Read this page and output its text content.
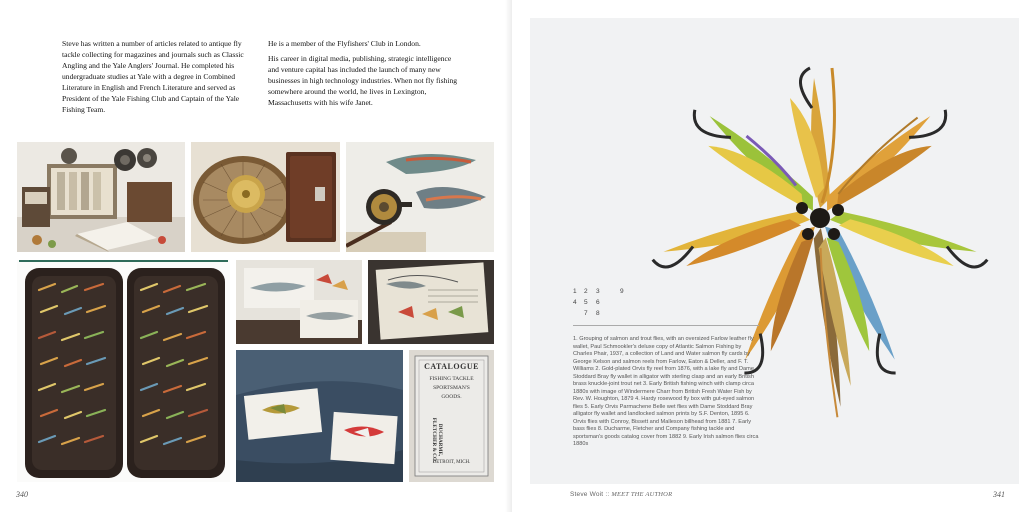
Steve has written a number of articles related to antique fly tackle collecting for magazines and journals such as Classic Angling and the Yale Anglers' Journal. He completed his undergraduate studies at Yale with a degree in Combined Literature in English and French Literature and served as President of the Yale Fishing Club and Captain of the Yale Fishing Team.

He is a member of the Flyfishers' Club in London.

His career in digital media, publishing, strategic intelligence and venture capital has included the launch of many new businesses in high technology industries. When not fly fishing somewhere around the world, he lives in Lexington, Massachusetts with his wife Janet.

CATALOGUE
FISHING TACKLE
SPORTSMAN'S
GOODS.
DUCHARME, FLETCHER & CO.
DETROIT, MICH.
340
1	2	3	9
4	5	6
7	8
1. Grouping of salmon and trout flies, with an oversized Farlow leather fly wallet, Paul Schmookler's deluxe copy of Atlantic Salmon Fishing by Charles Phair, 1937, a collection of Land and Water salmon fly cards by George Kelson and salmon reels from Farlow, Eaton & Deller, and F. T. Williams 2. Gold-plated Orvis fly reel from 1876, with a lake fly and Dame Stoddard Bray fly wallet in alligator with sterling clasp and an early British brass knuckle-joint trout net 3. Early British fishing winch with clamp circa 1880s with image of Windermere Charr from British Fresh Water Fish by Rev. W. Houghton, 1879 4. Hardy rosewood fly box with gut-eyed salmon flies 5. Early Orvis Parmachene Belle wet flies with Dame Stoddard Bray alligator fly wallet and landlocked salmon prints by S.F. Denton, 1895 6. Orvis flies with Conroy, Bissett and Malleson billhead from 1881 7. Early bass flies 8. Ducharme, Fletcher and Company fishing tackle and sportsman's goods catalog cover from 1882 9. Early Irish salmon flies circa 1880s
Steve Woit :: MEET THE AUTHOR	341
